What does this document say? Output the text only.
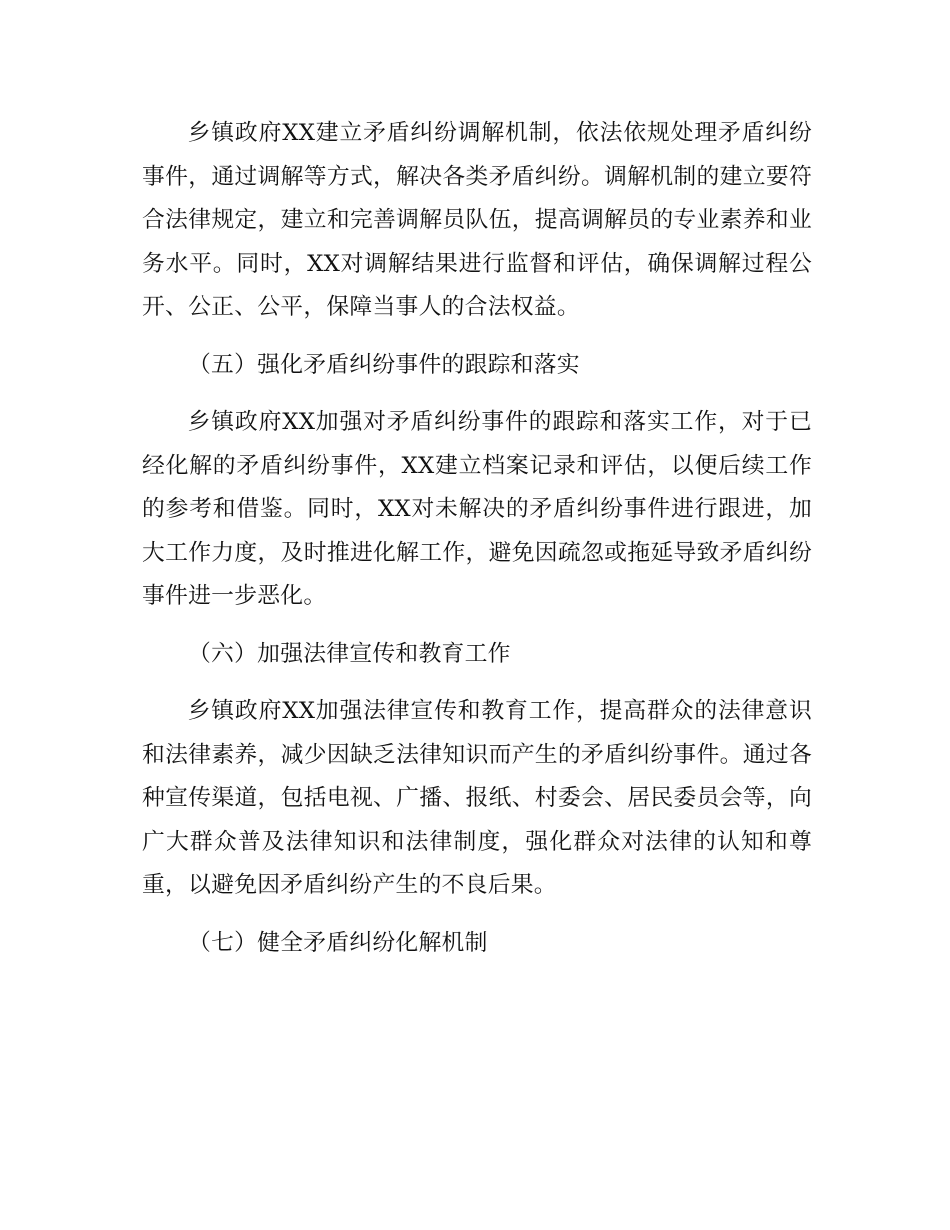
乡镇政府XX建立矛盾纠纷调解机制，依法依规处理矛盾纠纷事件，通过调解等方式，解决各类矛盾纠纷。调解机制的建立要符合法律规定，建立和完善调解员队伍，提高调解员的专业素养和业务水平。同时，XX对调解结果进行监督和评估，确保调解过程公开、公正、公平，保障当事人的合法权益。

（五）强化矛盾纠纷事件的跟踪和落实

乡镇政府XX加强对矛盾纠纷事件的跟踪和落实工作，对于已经化解的矛盾纠纷事件，XX建立档案记录和评估，以便后续工作的参考和借鉴。同时，XX对未解决的矛盾纠纷事件进行跟进，加大工作力度，及时推进化解工作，避免因疏忽或拖延导致矛盾纠纷事件进一步恶化。

（六）加强法律宣传和教育工作

乡镇政府XX加强法律宣传和教育工作，提高群众的法律意识和法律素养，减少因缺乏法律知识而产生的矛盾纠纷事件。通过各种宣传渠道，包括电视、广播、报纸、村委会、居民委员会等，向广大群众普及法律知识和法律制度，强化群众对法律的认知和尊重，以避免因矛盾纠纷产生的不良后果。

（七）健全矛盾纠纷化解机制
